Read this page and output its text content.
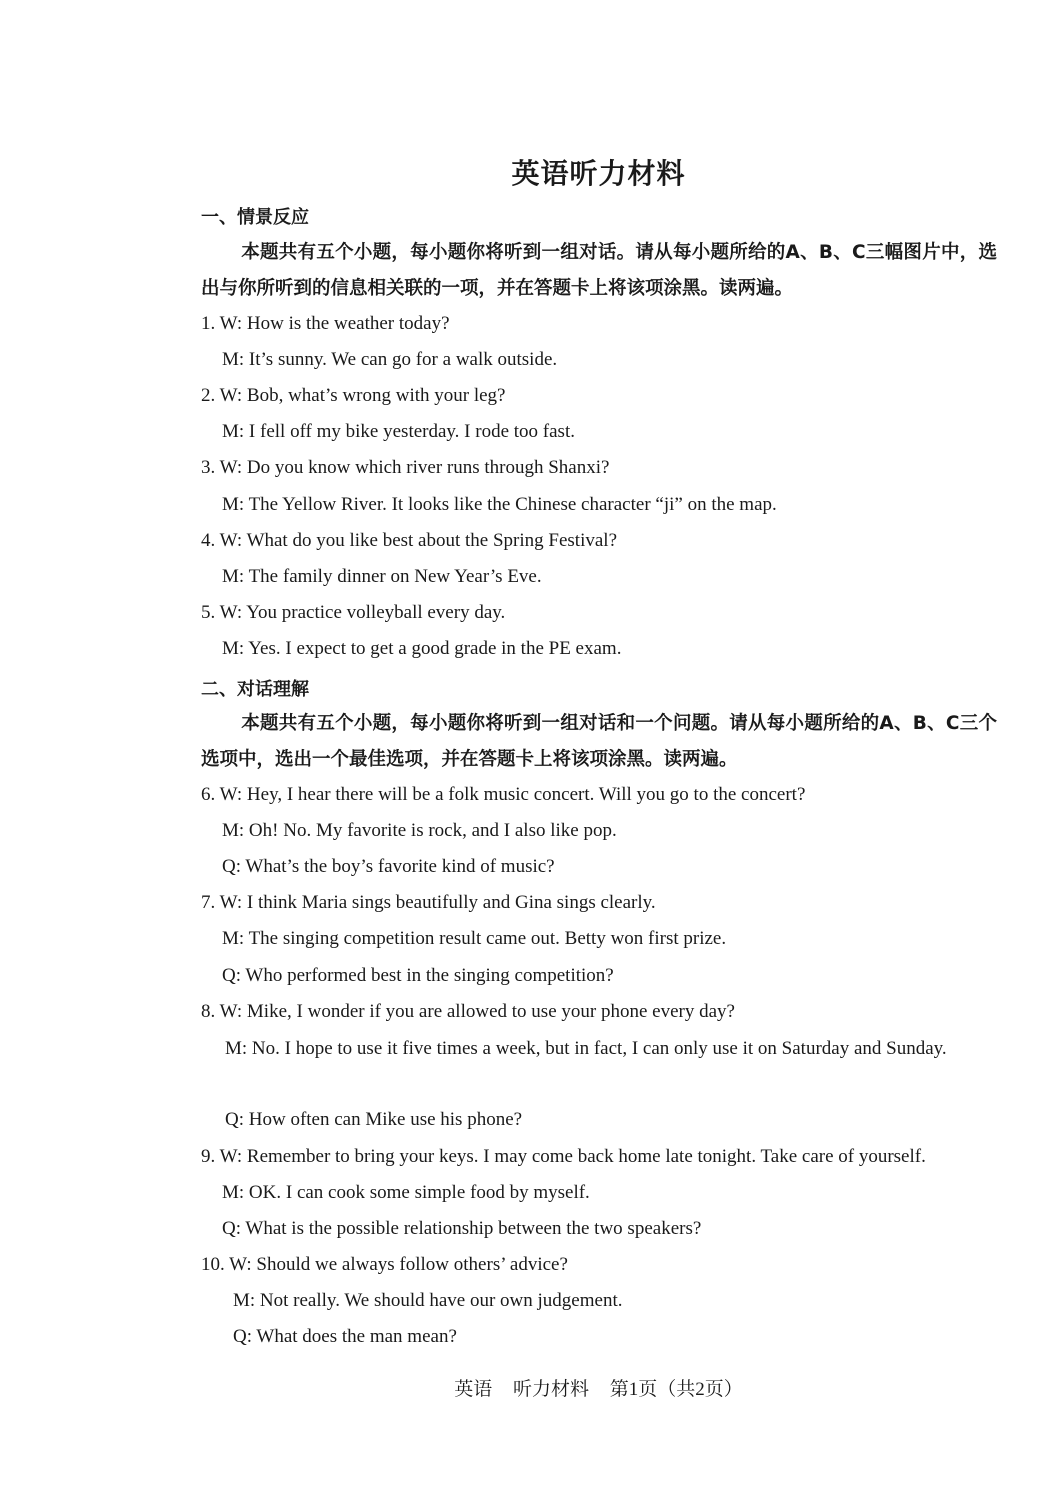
英语听力材料
一、情景反应
本题共有五个小题，每小题你将听到一组对话。请从每小题所给的A、B、C三幅图片中，选出与你所听到的信息相关联的一项，并在答题卡上将该项涂黑。读两遍。
1. W: How is the weather today?
M: It’s sunny. We can go for a walk outside.
2. W: Bob, what’s wrong with your leg?
M: I fell off my bike yesterday. I rode too fast.
3. W: Do you know which river runs through Shanxi?
M: The Yellow River. It looks like the Chinese character “ji” on the map.
4. W: What do you like best about the Spring Festival?
M: The family dinner on New Year’s Eve.
5. W: You practice volleyball every day.
M: Yes. I expect to get a good grade in the PE exam.
二、对话理解
本题共有五个小题，每小题你将听到一组对话和一个问题。请从每小题所给的A、B、C三个选项中，选出一个最佳选项，并在答题卡上将该项涂黑。读两遍。
6. W: Hey, I hear there will be a folk music concert. Will you go to the concert?
M: Oh! No. My favorite is rock, and I also like pop.
Q: What’s the boy’s favorite kind of music?
7. W: I think Maria sings beautifully and Gina sings clearly.
M: The singing competition result came out. Betty won first prize.
Q: Who performed best in the singing competition?
8. W: Mike, I wonder if you are allowed to use your phone every day?
M: No. I hope to use it five times a week, but in fact, I can only use it on Saturday and Sunday.
Q: How often can Mike use his phone?
9. W: Remember to bring your keys. I may come back home late tonight. Take care of yourself.
M: OK. I can cook some simple food by myself.
Q: What is the possible relationship between the two speakers?
10. W: Should we always follow others’ advice?
M: Not really. We should have our own judgement.
Q: What does the man mean?
英语 听力材料 第1页（共2页）
